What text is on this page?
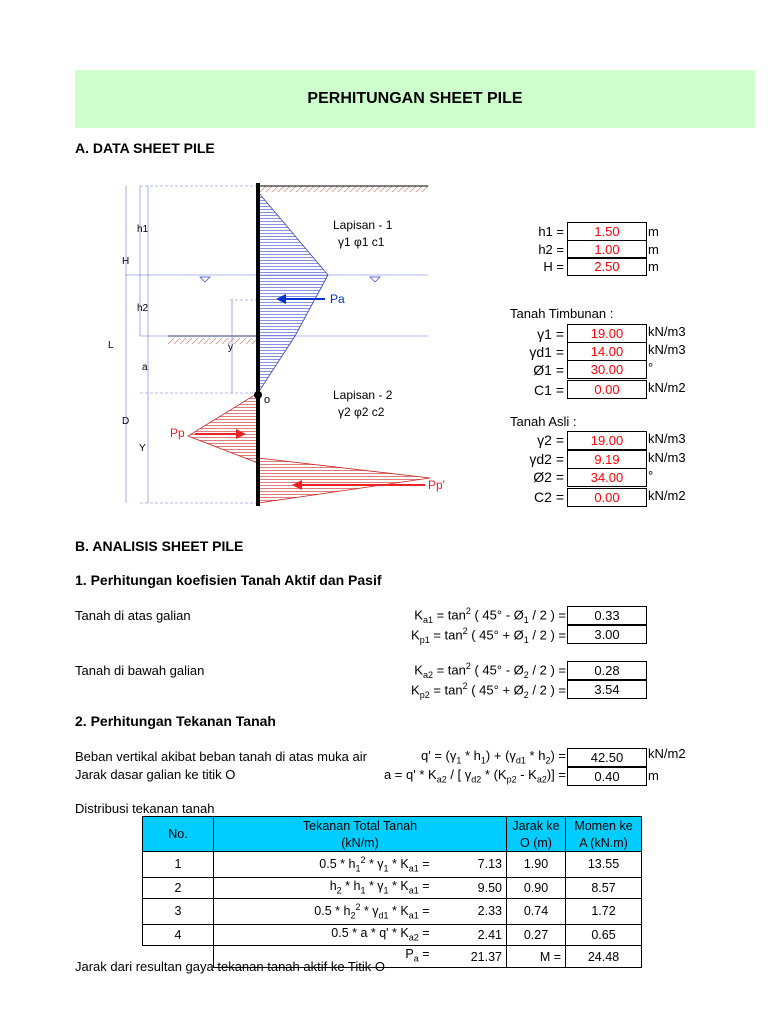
PERHITUNGAN SHEET PILE
A. DATA SHEET PILE
h1
H
h2
L	y
a
D
Y
o
Lapisan - 1
γ1 φ1 c1
Lapisan - 2
γ2 φ2 c2
Pa
Pp
Pp'
h1 =	1.50	m
h2 =	1.00	m
H =	2.50	m
Tanah Timbunan :
γ1 =	19.00	kN/m3
γd1 =	14.00	kN/m3
Ø1 =	30.00	°
C1 =	0.00	kN/m2
Tanah Asli :
γ2 =	19.00	kN/m3
γd2 =	9.19	kN/m3
Ø2 =	34.00	°
C2 =	0.00	kN/m2
B. ANALISIS SHEET PILE
1. Perhitungan koefisien Tanah Aktif dan Pasif
Tanah di atas galian	$K_{a1} = \tan^2$ ( $45^\circ - Ø_1 / 2$ ) =	0.33
$K_{p1} = \tan^2$ ( $45^\circ + Ø_1 / 2$ ) =	3.00
Tanah di bawah galian	$K_{a2} = \tan^2$ ( $45^\circ - Ø_2 / 2$ ) =	0.28
$K_{p2} = \tan^2$ ( $45^\circ + Ø_2 / 2$ ) =	3.54
2. Perhitungan Tekanan Tanah
Beban vertikal akibat beban tanah di atas muka air	$q' = (\gamma_1 * h_1) + (\gamma_{d1} * h_2)$ =	42.50	kN/m2
Jarak dasar galian ke titik O	$a = q' * K_{a2}$ / [ $\gamma_{d2} * (K_{p2} - K_{a2})$] =	0.40	m
Distribusi tekanan tanah
No.	Tekanan Total Tanah		Jarak ke	Momen ke
	(kN/m)		O (m)	A (kN.m)
1	$0.5 * h_1^2 * \gamma_1 * K_{a1}$ =	7.13	1.90	13.55
2	$h_2 * h_1 * \gamma_1 * K_{a1}$ =	9.50	0.90	8.57
3	$0.5 * h_2^2 * \gamma_{d1} * K_{a1}$ =	2.33	0.74	1.72
4	0.5 * a * q' * $K_{a2}$ =	2.41	0.27	0.65
	$P_a$ =	21.37	M =	24.48
Jarak dari resultan gaya tekanan tanah aktif ke Titik O
